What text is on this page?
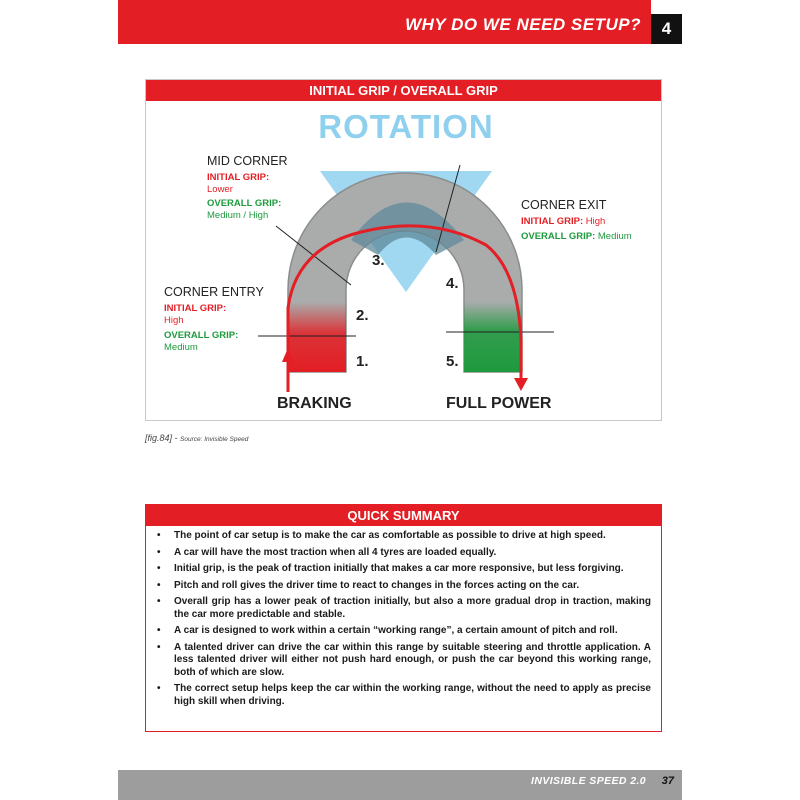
WHY DO WE NEED SETUP?	4
ROTATION
1.
2.
3.
4.
5.
BRAKING	FULL POWER
MID CORNER
INITIAL GRIP:
Lower
OVERALL GRIP:
Medium / High
CORNER ENTRY
INITIAL GRIP:
High
OVERALL GRIP:
Medium
CORNER EXIT
INITIAL GRIP: High
OVERALL GRIP: Medium
INITIAL GRIP / OVERALL GRIP
[fig.84] - Source: Invisible Speed
QUICK SUMMARY
• The point of car setup is to make the car as comfortable as possible to drive at high speed.
• A car will have the most traction when all 4 tyres are loaded equally.
• Initial grip, is the peak of traction initially that makes a car more responsive, but less forgiving.
• Pitch and roll gives the driver time to react to changes in the forces acting on the car.
• Overall grip has a lower peak of traction initially, but also a more gradual drop in traction, making the car more predictable and stable.
• A car is designed to work within a certain “working range”, a certain amount of pitch and roll.
• A talented driver can drive the car within this range by suitable steering and throttle application. A less talented driver will either not push hard enough, or push the car beyond this working range, both of which are slow.
• The correct setup helps keep the car within the working range, without the need to apply as precise high skill when driving.
INVISIBLE SPEED 2.0 37
